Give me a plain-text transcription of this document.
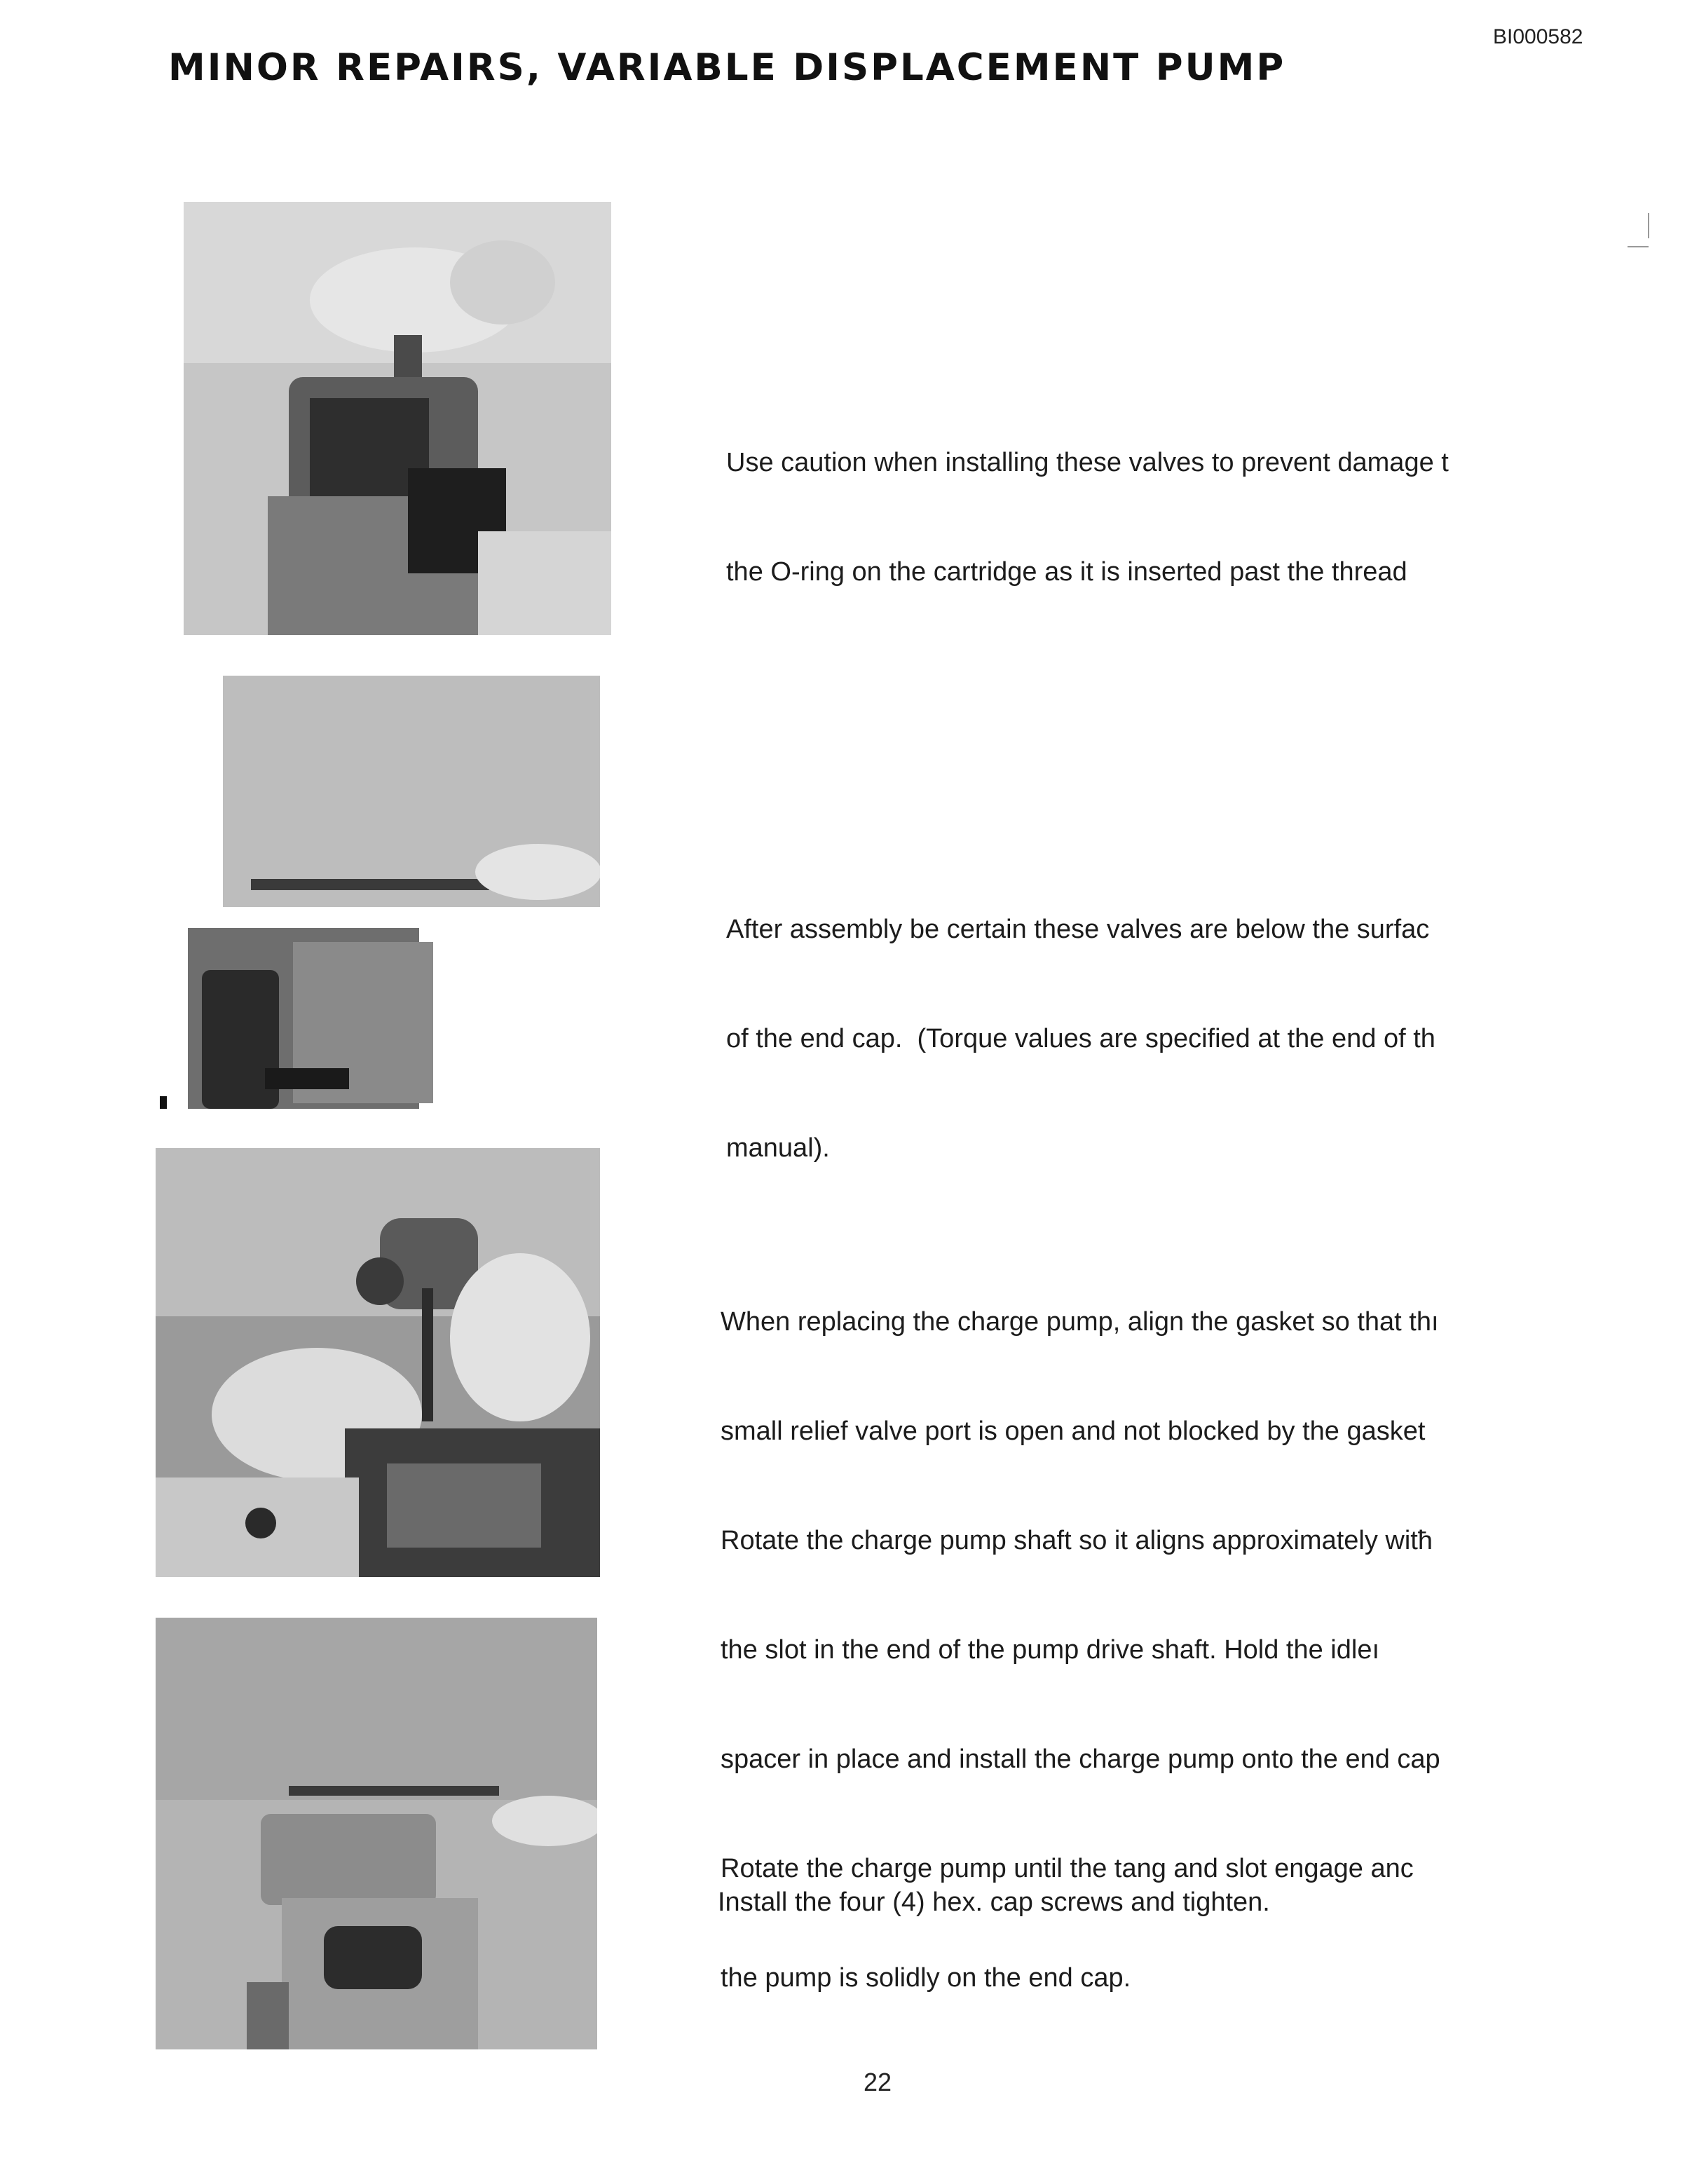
BI000582
MINOR REPAIRS, VARIABLE DISPLACEMENT PUMP

Use caution when installing these valves to prevent damage t

the O-ring on the cartridge as it is inserted past the thread

After assembly be certain these valves are below the surfac

of the end cap.  (Torque values are specified at the end of th

manual).

When replacing the charge pump, align the gasket so that thı

small relief valve port is open and not blocked by the gasket

Rotate the charge pump shaft so it aligns approximately witħ

the slot in the end of the pump drive shaft. Hold the idleı

spacer in place and install the charge pump onto the end cap

Rotate the charge pump until the tang and slot engage anс

the pump is solidly on the end cap.

Install the four (4) hex. cap screws and tighten.

22
